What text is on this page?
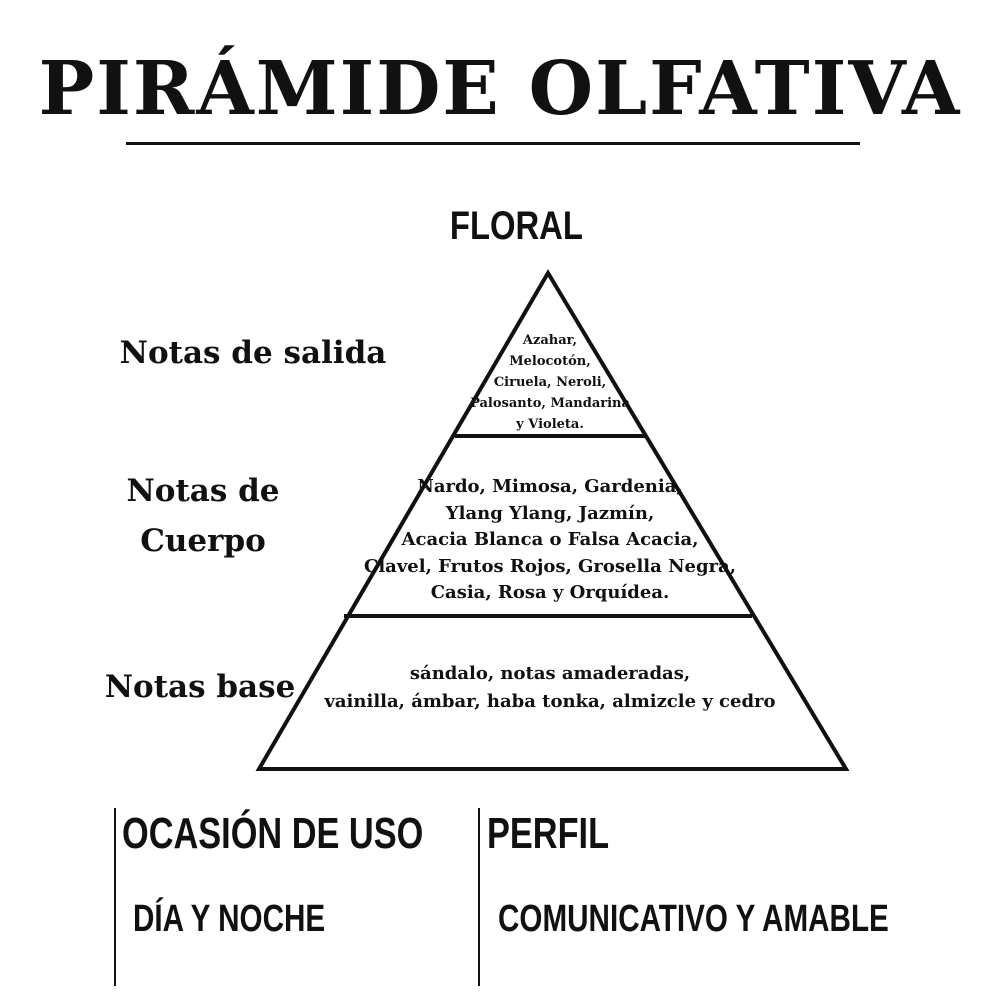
PIRÁMIDE OLFATIVA
FLORAL
Notas de salida
Notas de
Cuerpo
Notas base
Azahar,
Melocotón,
Ciruela, Neroli,
Palosanto, Mandarina
y Violeta.
Nardo, Mimosa, Gardenia,
Ylang Ylang, Jazmín,
Acacia Blanca o Falsa Acacia,
Clavel, Frutos Rojos, Grosella Negra,
Casia, Rosa y Orquídea.
sándalo, notas amaderadas,
vainilla, ámbar, haba tonka, almizcle y cedro
OCASIÓN DE USO
DÍA Y NOCHE
PERFIL
COMUNICATIVO Y AMABLE
